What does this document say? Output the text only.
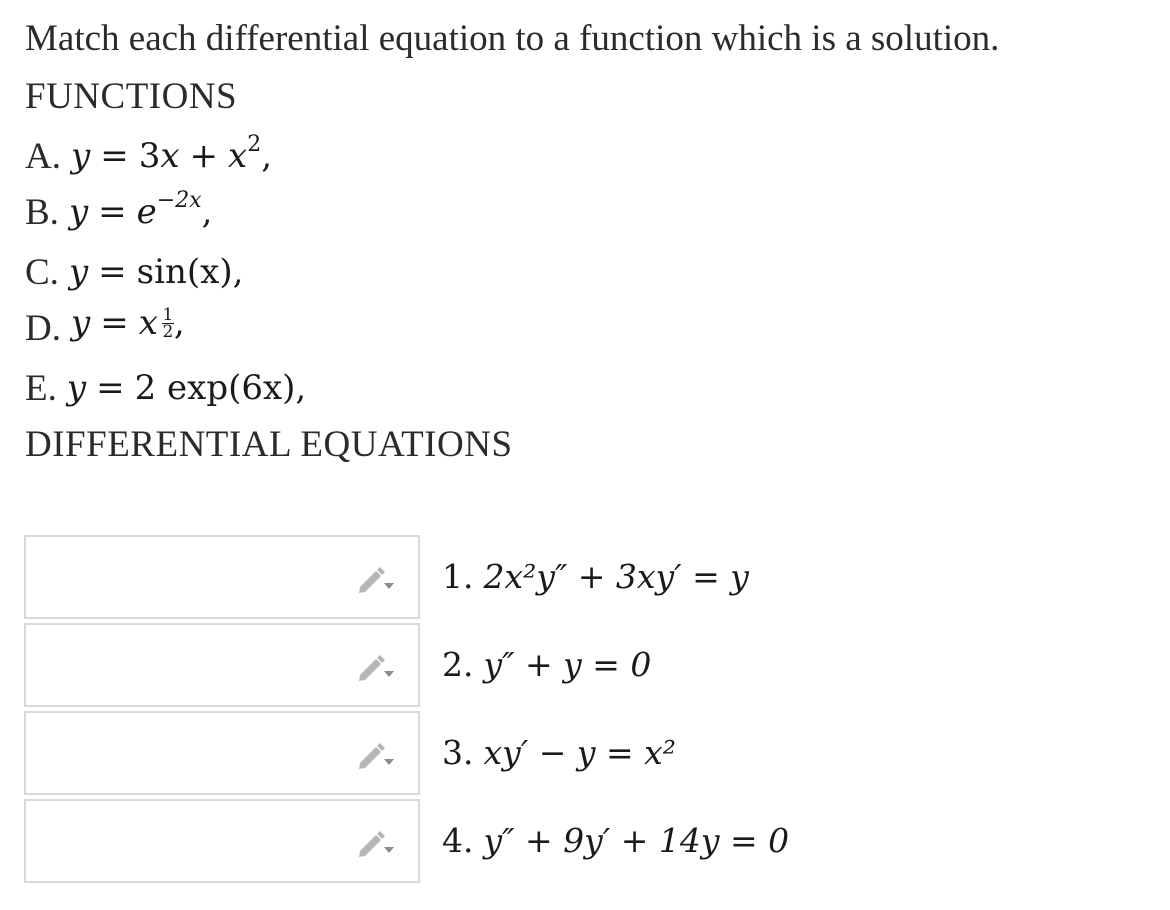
Match each differential equation to a function which is a solution.
FUNCTIONS
A. $y = 3x + x^2$,
B. $y = e^{-2x}$,
C. y = sin(x),
D. y = x $\frac{1}{2}$ ,
E. y = 2 exp(6x),
DIFFERENTIAL EQUATIONS
1. 2x²y″ + 3xy′ = y
2. y″ + y = 0
3. xy′ − y = x²
4. y″ + 9y′ + 14y = 0
